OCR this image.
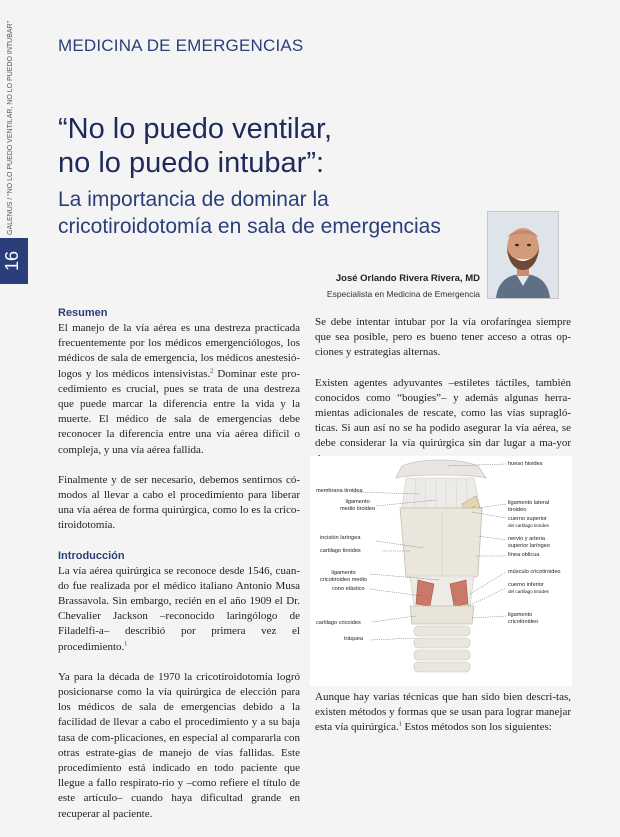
GALENUS / “NO LO PUEDO VENTILAR, NO LO PUEDO INTUBAR”
16
MEDICINA DE EMERGENCIAS
“No lo puedo ventilar,
no lo puedo intubar”:
La importancia de dominar la
cricotiroidotomía en sala de emergencias
José Orlando Rivera Rivera, MD
Especialista en Medicina de Emergencia
Resumen

El manejo de la vía aérea es una destreza practicada frecuentemente por los médicos emergenciólogos, los médicos de sala de emergencia, los médicos anestesió-logos y los médicos intensivistas.$^2$ Dominar este pro-cedimiento es crucial, pues se trata de una destreza que puede marcar la diferencia entre la vida y la muerte. El médico de sala de emergencias debe reconocer la diferencia entre una vía aérea difícil o compleja, y una vía aérea fallida.

Finalmente y de ser necesario, debemos sentirnos có-modos al llevar a cabo el procedimiento para liberar una vía aérea de forma quirúrgica, como lo es la crico-tiroidotomía.

Introducción

La vía aérea quirúrgica se reconoce desde 1546, cuan-do fue realizada por el médico italiano Antonio Musa Brassavola. Sin embargo, recién en el año 1909 el Dr. Chevalier Jackson –reconocido laringólogo de Filadelfi-a– describió por primera vez el procedimiento.$^1$

Ya para la década de 1970 la cricotiroidotomía logró posicionarse como la vía quirúrgica de elección para los médicos de sala de emergencias debido a la facilidad de llevar a cabo el procedimiento y a su baja tasa de com-plicaciones, en especial al compararla con otras estrate-gias de manejo de vías fallidas. Este procedimiento está indicado en todo paciente que llegue a fallo respirato-rio y –como refiere el título de este artículo– cuando haya dificultad grande en recuperar al paciente.

Se debe intentar intubar por la vía orofaríngea siempre que sea posible, pero es bueno tener acceso a otras op-ciones y estrategias alternas.

Existen agentes adyuvantes –estiletes táctiles, también conocidos como “bougies”– y además algunas herra-mientas adicionales de rescate, como las vías supragló-ticas. Si aun así no se ha podido asegurar la vía aérea, se debe considerar la vía quirúrgica sin dar lugar a ma-yor

hueso hioides
membrana tiroidea
ligamento
medio tiroideo
ligamento lateral
tiroideo
cuerno superior
del cartilago tiroides
incisión laríngea
cartilago tiroides
nervio y arteria
superior laríngeo
línea oblicua
ligamento
cricotiroideo medio
músculo cricotiroideo
cono elástico
cuerno inferior
del cartilago tiroides
ligamento
cricotiroideo
cartilago cricoides
tráquea

Aunque hay varias técnicas que han sido bien descri-tas, existen métodos y formas que se usan para lograr manejar esta vía quirúrgica.$^1$ Estos métodos son los siguientes:
